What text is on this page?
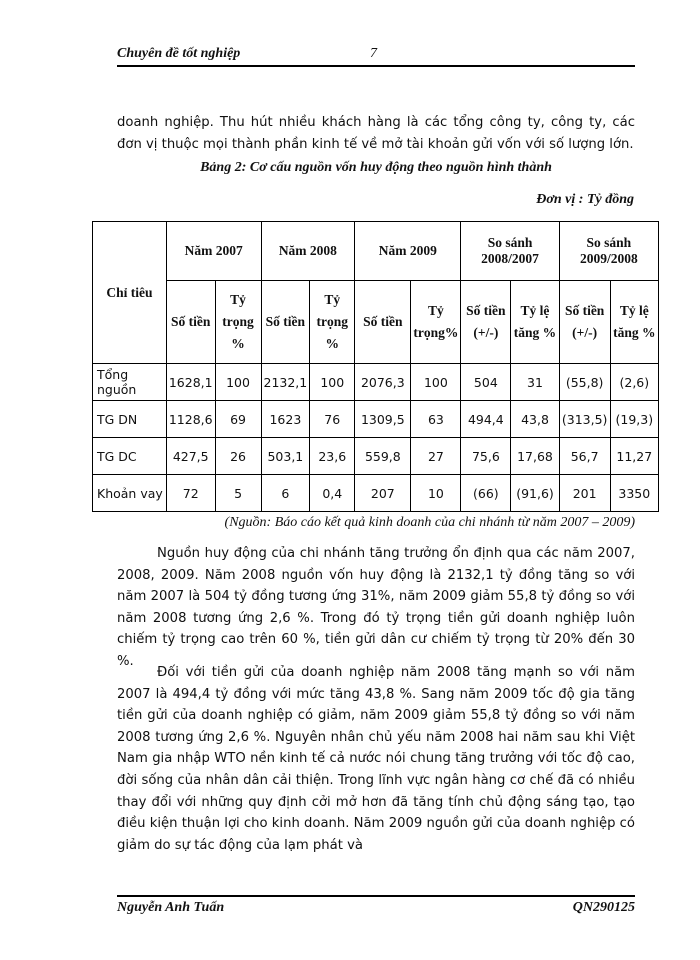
Chuyên đề tốt nghiệp	7

doanh nghiệp. Thu hút nhiều khách hàng là các tổng công ty, công ty, các đơn vị thuộc mọi thành phần kinh tế về mở tài khoản gửi vốn với số lượng lớn.

Bảng 2: Cơ cấu nguồn vốn huy động theo nguồn hình thành
Đơn vị : Tỷ đồng
Chỉ tiêu	Năm 2007		Năm 2008		Năm 2009		So sánh 2008/2007		So sánh 2009/2008	
	Số tiền	Tỷ trọng %	Số tiền	Tỷ trọng %	Số tiền	Tỷ trọng%	Số tiền (+/-)	Tỷ lệ tăng %	Số tiền (+/-)	Tỷ lệ tăng %
Tổng nguồn	1628,1	100	2132,1	100	2076,3	100	504	31	(55,8)	(2,6)
TG DN	1128,6	69	1623	76	1309,5	63	494,4	43,8	(313,5)	(19,3)
TG DC	427,5	26	503,1	23,6	559,8	27	75,6	17,68	56,7	11,27
Khoản vay	72	5	6	0,4	207	10	(66)	(91,6)	201	3350
(Nguồn: Báo cáo kết quả kinh doanh của chi nhánh từ năm 2007 – 2009)

Nguồn huy động của chi nhánh tăng trưởng ổn định qua các năm 2007, 2008, 2009. Năm 2008 nguồn vốn huy động là 2132,1 tỷ đồng tăng so với năm 2007 là 504 tỷ đồng tương ứng 31%, năm 2009 giảm 55,8 tỷ đồng so với năm 2008 tương ứng 2,6 %. Trong đó tỷ trọng tiền gửi doanh nghiệp luôn chiếm tỷ trọng cao trên 60 %, tiền gửi dân cư chiếm tỷ trọng từ 20% đến 30 %.

Đối với tiền gửi của doanh nghiệp năm 2008 tăng mạnh so với năm 2007 là 494,4 tỷ đồng với mức tăng 43,8 %. Sang năm 2009 tốc độ gia tăng tiền gửi của doanh nghiệp có giảm, năm 2009 giảm 55,8 tỷ đồng so với năm 2008 tương ứng 2,6 %. Nguyên nhân chủ yếu năm 2008 hai năm sau khi Việt Nam gia nhập WTO nền kinh tế cả nước nói chung tăng trưởng với tốc độ cao, đời sống của nhân dân cải thiện. Trong lĩnh vực ngân hàng cơ chế đã có nhiều thay đổi với những quy định cởi mở hơn đã tăng tính chủ động sáng tạo, tạo điều kiện thuận lợi cho kinh doanh. Năm 2009 nguồn gửi của doanh nghiệp có giảm do sự tác động của lạm phát và

Nguyễn Anh Tuấn	QN290125
